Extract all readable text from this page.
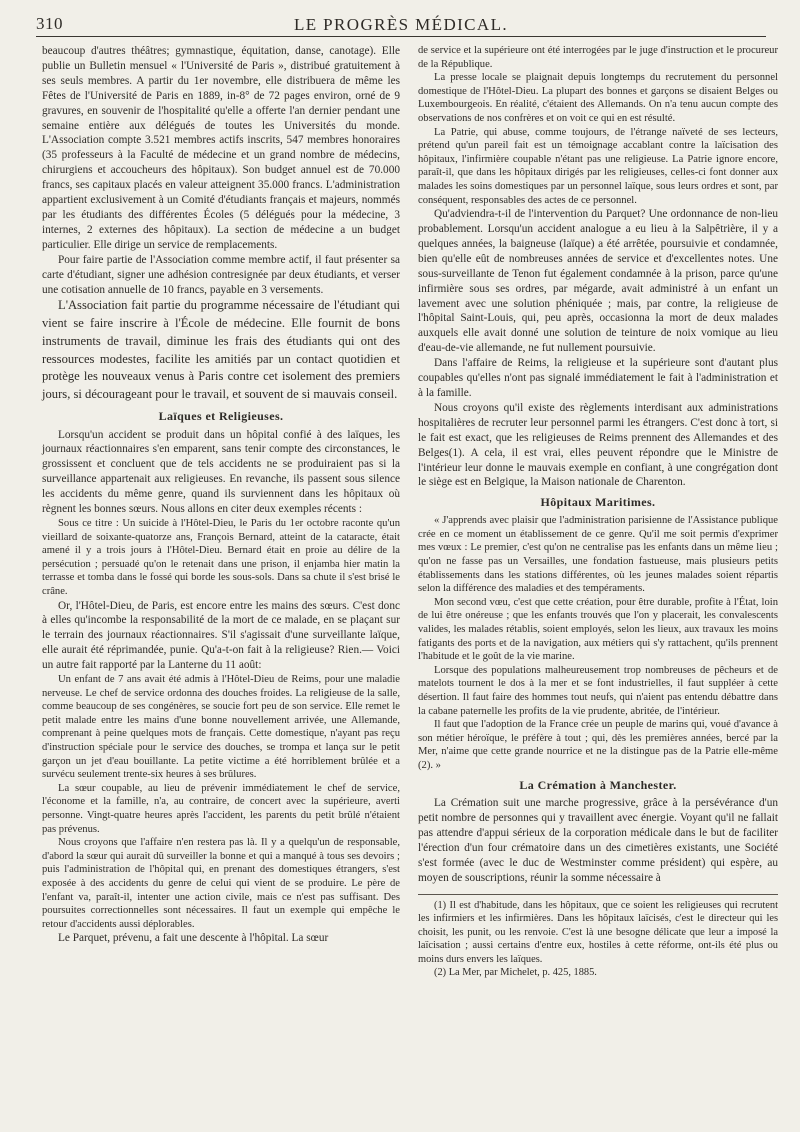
310	LE PROGRÈS MÉDICAL.

beaucoup d'autres théâtres; gymnastique, équitation, danse, canotage). Elle publie un Bulletin mensuel « l'Université de Paris », distribué gratuitement à ses seuls membres. A partir du 1er novembre, elle distribuera de même les Fêtes de l'Université de Paris en 1889, in-8° de 72 pages environ, orné de 9 gravures, en souvenir de l'hospitalité qu'elle a offerte l'an dernier pendant une semaine entière aux délégués de toutes les Universités du monde. L'Association compte 3.521 membres actifs inscrits, 547 membres honoraires (35 professeurs à la Faculté de médecine et un grand nombre de médecins, chirurgiens et accoucheurs des hôpitaux). Son budget annuel est de 70.000 francs, ses capitaux placés en valeur atteignent 35.000 francs. L'administration appartient exclusivement à un Comité d'étudiants français et majeurs, nommés par les étudiants des différentes Écoles (5 délégués pour la médecine, 3 internes, 2 externes des hôpitaux). La section de médecine a un budget particulier. Elle dirige un service de remplacements.

Pour faire partie de l'Association comme membre actif, il faut présenter sa carte d'étudiant, signer une adhésion contresignée par deux étudiants, et verser une cotisation annuelle de 10 francs, payable en 3 versements.

L'Association fait partie du programme nécessaire de l'étudiant qui vient se faire inscrire à l'École de médecine. Elle fournit de bons instruments de travail, diminue les frais des étudiants qui ont des ressources modestes, facilite les amitiés par un contact quotidien et protège les nouveaux venus à Paris contre cet isolement des premiers jours, si décourageant pour le travail, et souvent de si mauvais conseil.

Laïques et Religieuses.

Lorsqu'un accident se produit dans un hôpital confié à des laïques, les journaux réactionnaires s'en emparent, sans tenir compte des circonstances, le grossissent et concluent que de tels accidents ne se produiraient pas si la surveillance appartenait aux religieuses. En revanche, ils passent sous silence les accidents du même genre, quand ils surviennent dans les hôpitaux où règnent les bonnes sœurs. Nous allons en citer deux exemples récents :

Sous ce titre : Un suicide à l'Hôtel-Dieu, le Paris du 1er octobre raconte qu'un vieillard de soixante-quatorze ans, François Bernard, atteint de la cataracte, était amené il y a trois jours à l'Hôtel-Dieu. Bernard était en proie au délire de la persécution ; persuadé qu'on le retenait dans une prison, il enjamba hier matin la terrasse et tomba dans le fossé qui borde les sous-sols. Dans sa chute il s'est brisé le crâne.

Or, l'Hôtel-Dieu, de Paris, est encore entre les mains des sœurs. C'est donc à elles qu'incombe la responsabilité de la mort de ce malade, en se plaçant sur le terrain des journaux réactionnaires. S'il s'agissait d'une surveillante laïque, elle aurait été réprimandée, punie. Qu'a-t-on fait à la religieuse? Rien.— Voici un autre fait rapporté par la Lanterne du 11 août:

Un enfant de 7 ans avait été admis à l'Hôtel-Dieu de Reims, pour une maladie nerveuse. Le chef de service ordonna des douches froides. La religieuse de la salle, comme beaucoup de ses congénères, se soucie fort peu de son service. Elle remet le petit malade entre les mains d'une bonne nouvellement arrivée, une Allemande, comprenant à peine quelques mots de français. Cette domestique, n'ayant pas reçu d'instruction spéciale pour le service des douches, se trompa et lança sur le petit garçon un jet d'eau bouillante. La petite victime a été horriblement brûlée et a survécu seulement trente-six heures à ses brûlures.

La sœur coupable, au lieu de prévenir immédiatement le chef de service, l'économe et la famille, n'a, au contraire, de concert avec la supérieure, averti personne. Vingt-quatre heures après l'accident, les parents du petit brûlé n'étaient pas prévenus.

Nous croyons que l'affaire n'en restera pas là. Il y a quelqu'un de responsable, d'abord la sœur qui aurait dû surveiller la bonne et qui a manqué à tous ses devoirs ; puis l'administration de l'hôpital qui, en prenant des domestiques étrangers, s'est exposée à des accidents du genre de celui qui vient de se produire. Le père de l'enfant va, paraît-il, intenter une action civile, mais ce n'est pas suffisant. Des poursuites correctionnelles sont nécessaires. Il faut un exemple qui empêche le retour d'accidents aussi déplorables.

Le Parquet, prévenu, a fait une descente à l'hôpital. La sœur

de service et la supérieure ont été interrogées par le juge d'instruction et le procureur de la République.

La presse locale se plaignait depuis longtemps du recrutement du personnel domestique de l'Hôtel-Dieu. La plupart des bonnes et garçons se disaient Belges ou Luxembourgeois. En réalité, c'étaient des Allemands. On n'a tenu aucun compte des observations de nos confrères et on voit ce qui en est résulté.

La Patrie, qui abuse, comme toujours, de l'étrange naïveté de ses lecteurs, prétend qu'un pareil fait est un témoignage accablant contre la laïcisation des hôpitaux, l'infirmière coupable n'étant pas une religieuse. La Patrie ignore encore, paraît-il, que dans les hôpitaux dirigés par les religieuses, celles-ci font donner aux malades les soins domestiques par un personnel laïque, sous leurs ordres et sont, par conséquent, responsables des actes de ce personnel.

Qu'adviendra-t-il de l'intervention du Parquet? Une ordonnance de non-lieu probablement. Lorsqu'un accident analogue a eu lieu à la Salpêtrière, il y a quelques années, la baigneuse (laïque) a été arrêtée, poursuivie et condamnée, bien qu'elle eût de nombreuses années de service et d'excellentes notes. Une sous-surveillante de Tenon fut également condamnée à la prison, parce qu'une infirmière sous ses ordres, par mégarde, avait administré à un enfant un lavement avec une solution phéniquée ; mais, par contre, la religieuse de l'hôpital Saint-Louis, qui, peu après, occasionna la mort de deux malades auxquels elle avait donné une solution de teinture de noix vomique au lieu d'eau-de-vie allemande, ne fut nullement poursuivie.

Dans l'affaire de Reims, la religieuse et la supérieure sont d'autant plus coupables qu'elles n'ont pas signalé immédiatement le fait à l'administration et à la famille.

Nous croyons qu'il existe des règlements interdisant aux administrations hospitalières de recruter leur personnel parmi les étrangers. C'est donc à tort, si le fait est exact, que les religieuses de Reims prennent des Allemandes et des Belges(1). A cela, il est vrai, elles peuvent répondre que le Ministre de l'intérieur leur donne le mauvais exemple en confiant, à une congrégation dont le siège est en Belgique, la Maison nationale de Charenton.

Hôpitaux Maritimes.

« J'apprends avec plaisir que l'administration parisienne de l'Assistance publique crée en ce moment un établissement de ce genre. Qu'il me soit permis d'exprimer mes vœux : Le premier, c'est qu'on ne centralise pas les enfants dans un même lieu ; qu'on ne fasse pas un Versailles, une fondation fastueuse, mais plusieurs petits établissements dans les stations différentes, où les jeunes malades soient répartis selon la différence des maladies et des tempéraments.

Mon second vœu, c'est que cette création, pour être durable, profite à l'État, loin de lui être onéreuse ; que les enfants trouvés que l'on y placerait, les convalescents valides, les malades rétablis, soient employés, selon les lieux, aux travaux les moins fatigants des ports et de la navigation, aux métiers qui s'y rattachent, qu'ils prennent l'habitude et le goût de la vie marine.

Lorsque des populations malheureusement trop nombreuses de pêcheurs et de matelots tournent le dos à la mer et se font industrielles, il faut suppléer à cette désertion. Il faut faire des hommes tout neufs, qui n'aient pas entendu débattre dans la cabane paternelle les profits de la vie prudente, abritée, de l'intérieur.

Il faut que l'adoption de la France crée un peuple de marins qui, voué d'avance à son métier héroïque, le préfère à tout ; qui, dès les premières années, bercé par la Mer, n'aime que cette grande nourrice et ne la distingue pas de la Patrie elle-même (2). »

La Crémation à Manchester.

La Crémation suit une marche progressive, grâce à la persévérance d'un petit nombre de personnes qui y travaillent avec énergie. Voyant qu'il ne fallait pas attendre d'appui sérieux de la corporation médicale dans le but de faciliter l'érection d'un four crématoire dans un des cimetières existants, une Société s'est formée (avec le duc de Westminster comme président) qui espère, au moyen de souscriptions, réunir la somme nécessaire à

(1) Il est d'habitude, dans les hôpitaux, que ce soient les religieuses qui recrutent les infirmiers et les infirmières. Dans les hôpitaux laïcisés, c'est le directeur qui les choisit, les punit, ou les renvoie. C'est là une besogne délicate que leur a imposé la laïcisation ; aussi certains d'entre eux, hostiles à cette réforme, ont-ils été plus ou moins durs envers les laïques.

(2) La Mer, par Michelet, p. 425, 1885.
